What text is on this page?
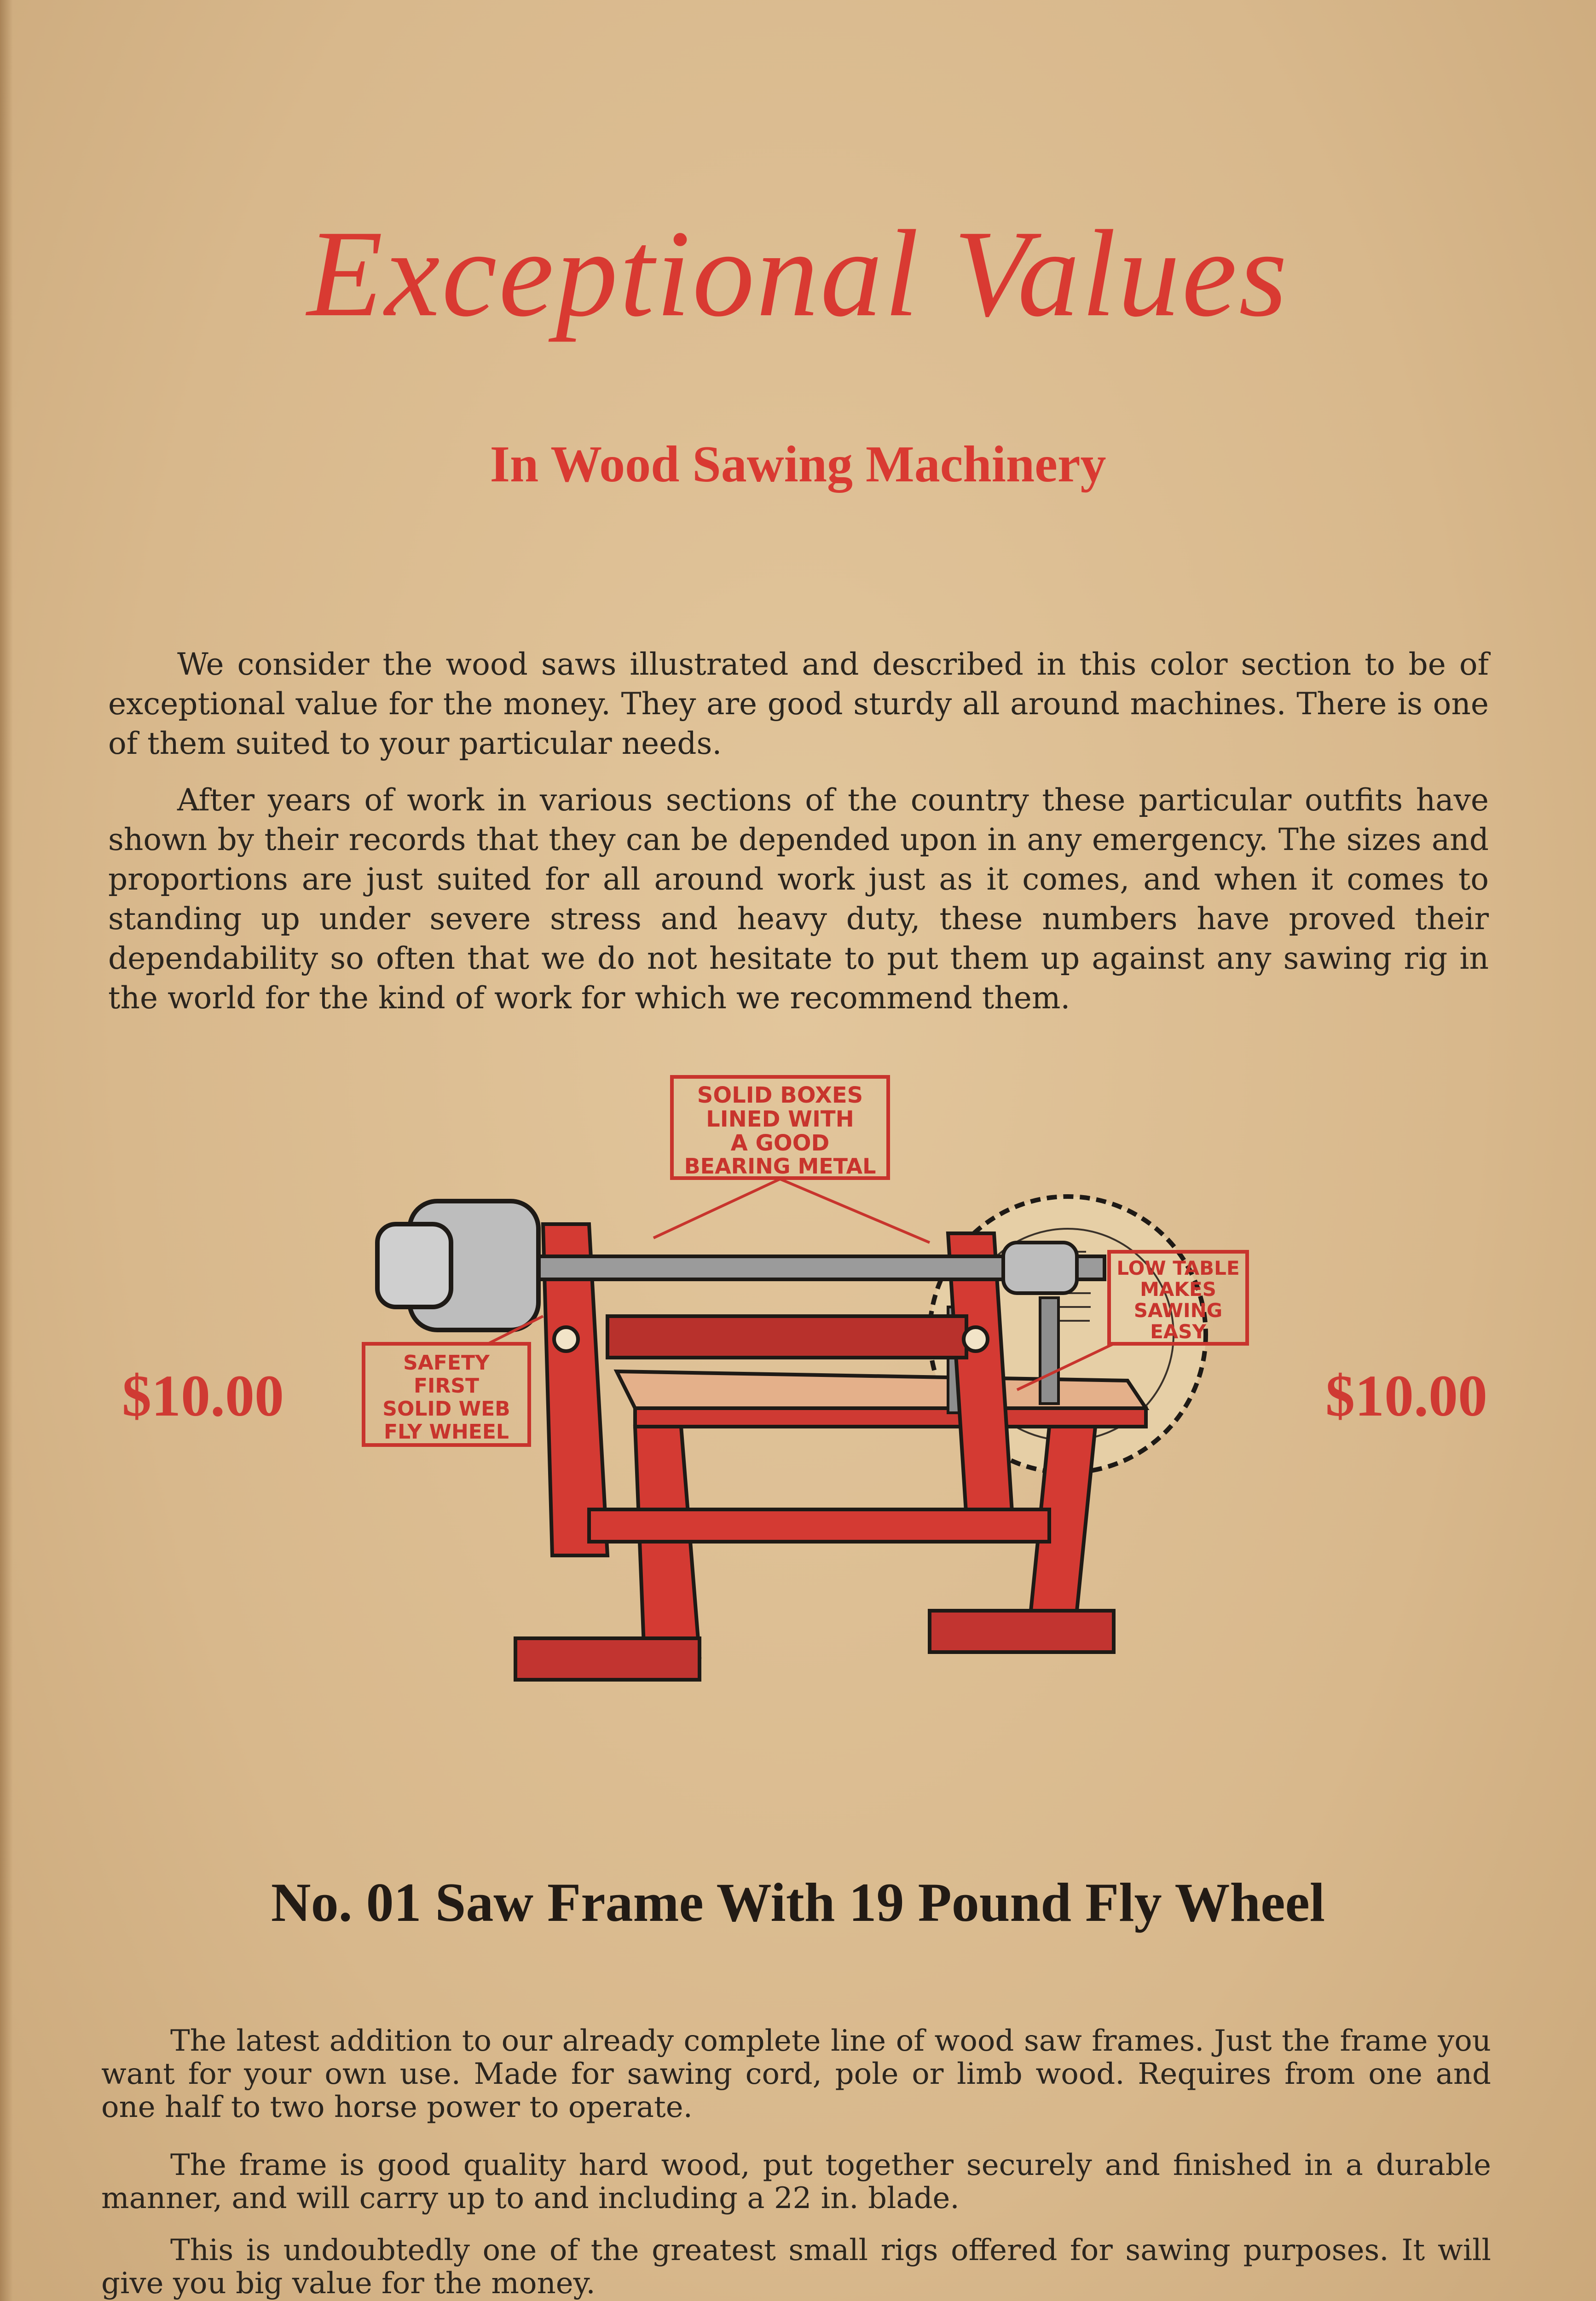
Exceptional Values
In Wood Sawing Machinery

We consider the wood saws illustrated and described in this color section to be of exceptional value for the money. They are good sturdy all around machines. There is one of them suited to your particular needs.

After years of work in various sections of the country these particular outfits have shown by their records that they can be depended upon in any emergency. The sizes and proportions are just suited for all around work just as it comes, and when it comes to standing up under severe stress and heavy duty, these numbers have proved their dependability so often that we do not hesitate to put them up against any sawing rig in the world for the kind of work for which we recommend them.

$10.00	$10.00
SOLID BOXES
LINED WITH
A GOOD
BEARING METAL
LOW TABLE
MAKES
SAWING
EASY
SAFETY
FIRST
SOLID WEB
FLY WHEEL
No. 01 Saw Frame With 19 Pound Fly Wheel

The latest addition to our already complete line of wood saw frames. Just the frame you want for your own use. Made for sawing cord, pole or limb wood. Requires from one and one half to two horse power to operate.

The frame is good quality hard wood, put together securely and finished in a durable manner, and will carry up to and including a 22 in. blade.

This is undoubtedly one of the greatest small rigs offered for sawing purposes. It will give you big value for the money.
